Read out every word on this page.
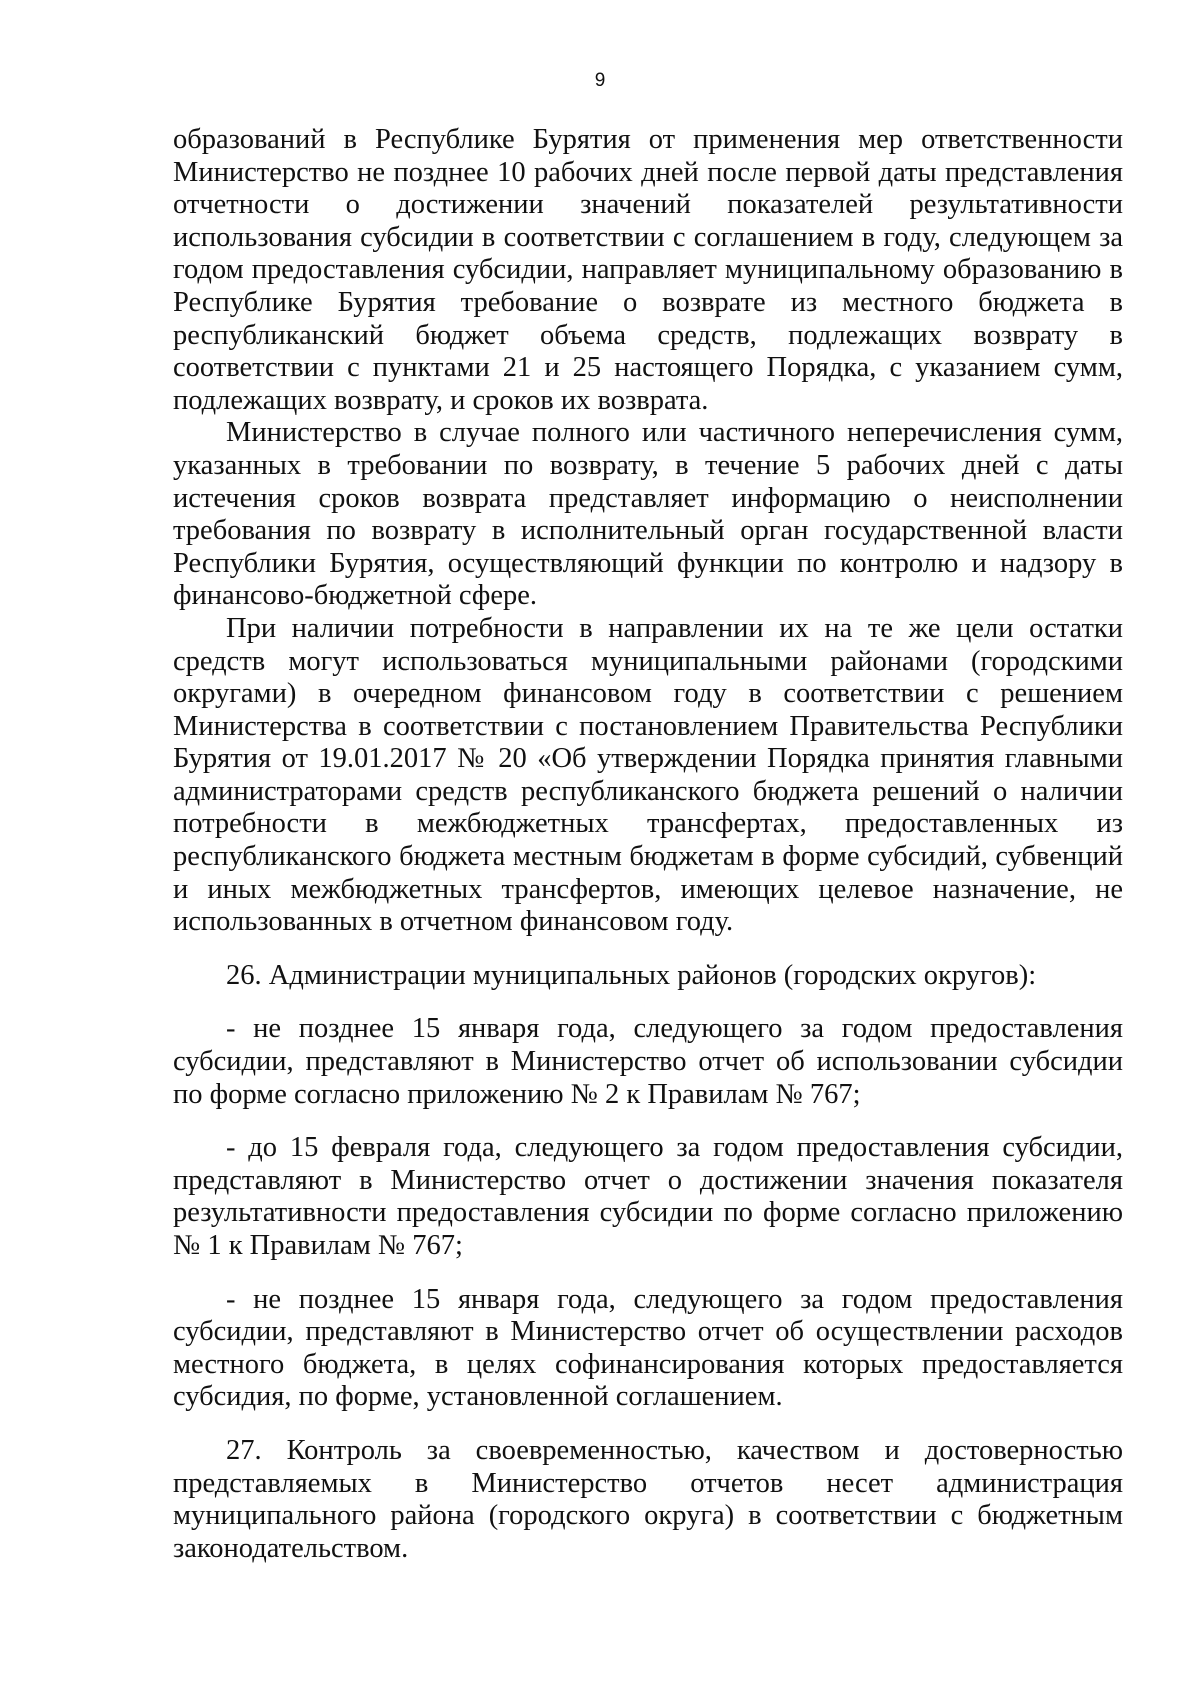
9

образований в Республике Бурятия от применения мер ответственности Министерство не позднее 10 рабочих дней после первой даты представления отчетности о достижении значений показателей результативности использования субсидии в соответствии с соглашением в году, следующем за годом предоставления субсидии, направляет муниципальному образованию в Республике Бурятия требование о возврате из местного бюджета в республиканский бюджет объема средств, подлежащих возврату в соответствии с пунктами 21 и 25 настоящего Порядка, с указанием сумм, подлежащих возврату, и сроков их возврата.

Министерство в случае полного или частичного неперечисления сумм, указанных в требовании по возврату, в течение 5 рабочих дней с даты истечения сроков возврата представляет информацию о неисполнении требования по возврату в исполнительный орган государственной власти Республики Бурятия, осуществляющий функции по контролю и надзору в финансово-бюджетной сфере.

При наличии потребности в направлении их на те же цели остатки средств могут использоваться муниципальными районами (городскими округами) в очередном финансовом году в соответствии с решением Министерства в соответствии с постановлением Правительства Республики Бурятия от 19.01.2017 № 20 «Об утверждении Порядка принятия главными администраторами средств республиканского бюджета решений о наличии потребности в межбюджетных трансфертах, предоставленных из республиканского бюджета местным бюджетам в форме субсидий, субвенций и иных межбюджетных трансфертов, имеющих целевое назначение, не использованных в отчетном финансовом году.

26. Администрации муниципальных районов (городских округов):

- не позднее 15 января года, следующего за годом предоставления субсидии, представляют в Министерство отчет об использовании субсидии по форме согласно приложению № 2 к Правилам № 767;

- до 15 февраля года, следующего за годом предоставления субсидии, представляют в Министерство отчет о достижении значения показателя результативности предоставления субсидии по форме согласно приложению № 1 к Правилам № 767;

- не позднее 15 января года, следующего за годом предоставления субсидии, представляют в Министерство отчет об осуществлении расходов местного бюджета, в целях софинансирования которых предоставляется субсидия, по форме, установленной соглашением.

27. Контроль за своевременностью, качеством и достоверностью представляемых в Министерство отчетов несет администрация муниципального района (городского округа) в соответствии с бюджетным законодательством.
